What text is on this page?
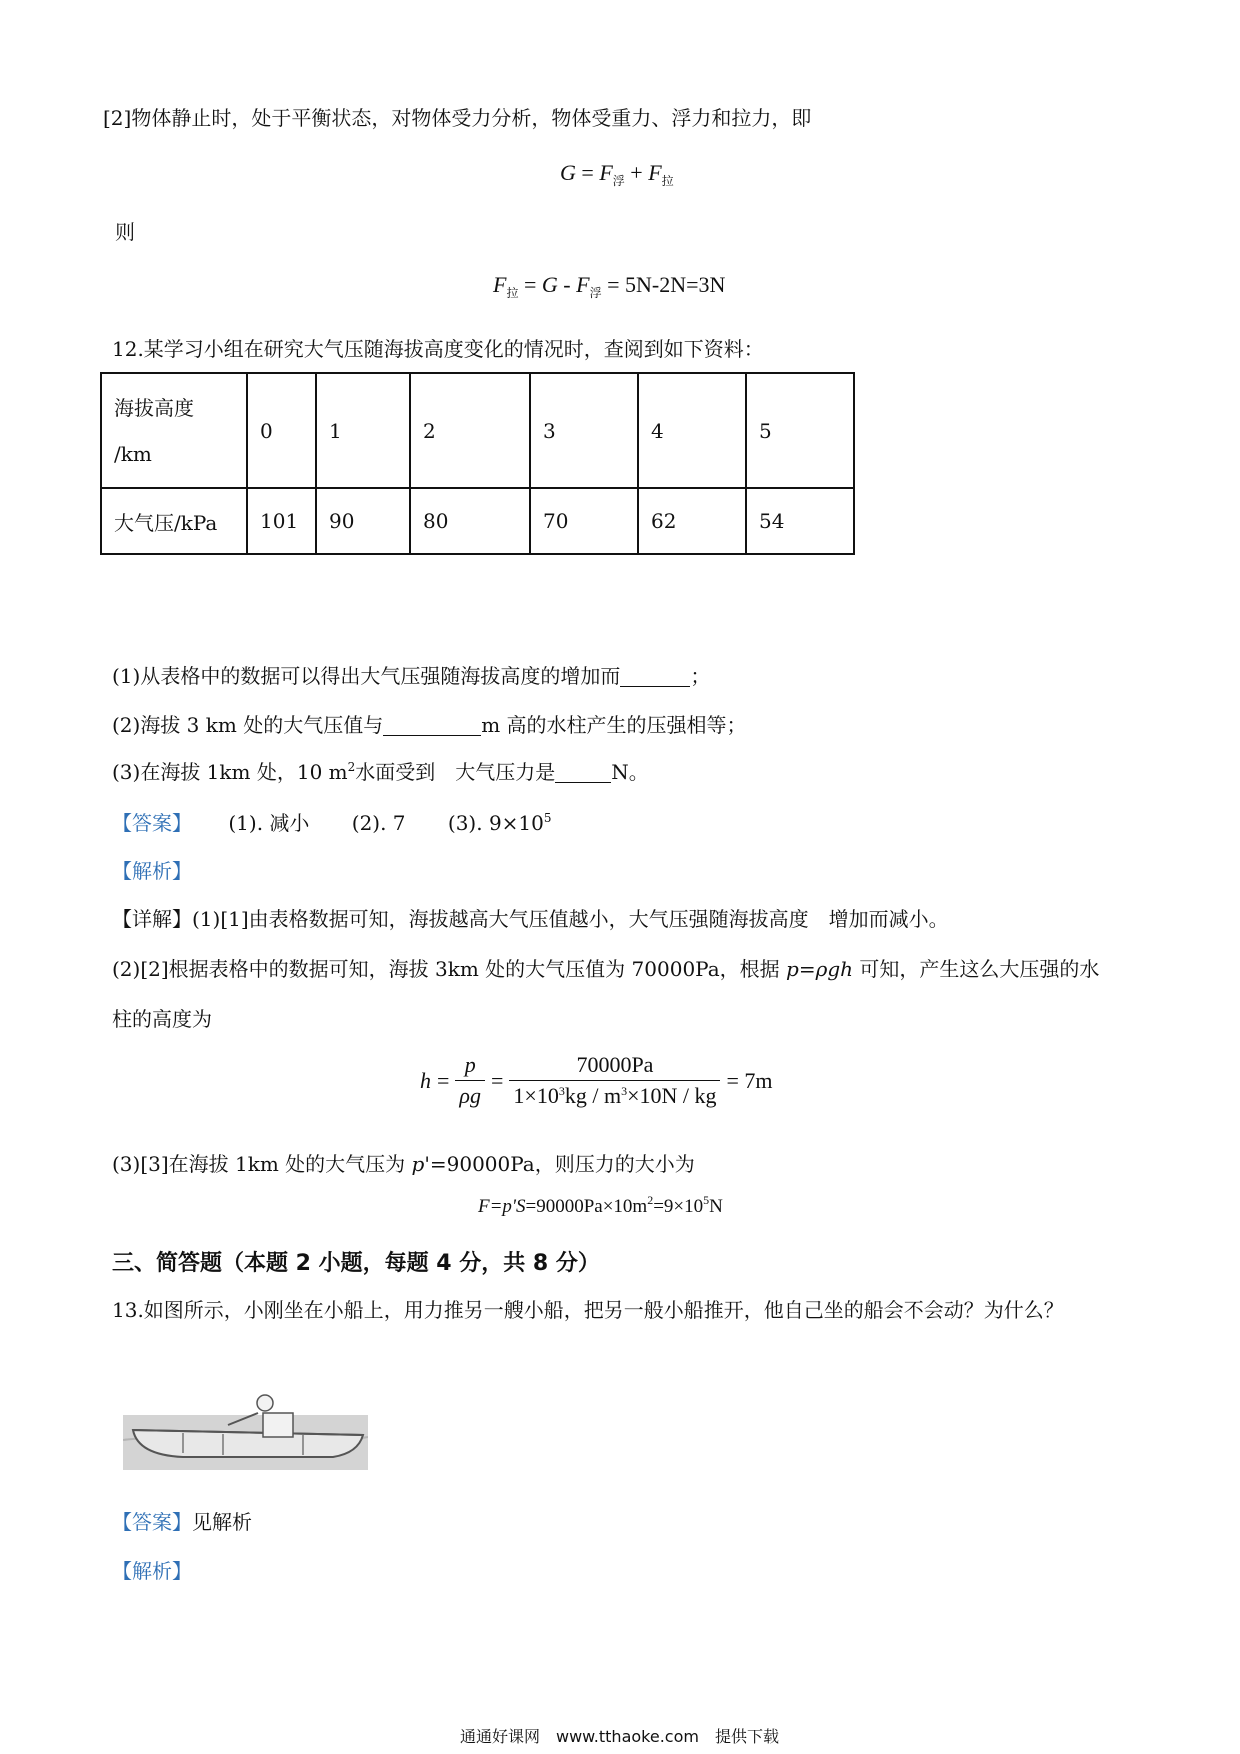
[2]物体静止时，处于平衡状态，对物体受力分析，物体受重力、浮力和拉力，即
$G = F_浮 + F_拉$
则
$F_拉 = G - F_浮 = 5N-2N=3N$
12.某学习小组在研究大气压随海拔高度变化的情况时，查阅到如下资料：
海拔高度
/km	0	1	2	3	4	5
大气压/kPa	101	90	80	70	62	54
(1)从表格中的数据可以得出大气压强随海拔高度的增加而	；
(2)海拔 3 km 处的大气压值与	m 高的水柱产生的压强相等；
(3)在海拔 1km 处，10 $m^2$水面受到　大气压力是	N。
【答案】 (1). 减小 (2). 7 (3). $9\times 10^5$
【解析】
【详解】(1)[1]由表格数据可知，海拔越高大气压值越小，大气压强随海拔高度　增加而减小。
(2)[2]根据表格中的数据可知，海拔 3km 处的大气压值为 70000Pa，根据 p=ρgh 可知，产生这么大压强的水
柱的高度为
$h = \frac{p}{\rho g} = \frac{70000Pa}{1\times 10^3kg / m^3\times 10N / kg} = 7m$
(3)[3]在海拔 1km 处的大气压为 p'=90000Pa，则压力的大小为
$F=p'S=90000Pa\times 10m^2=9\times 10^5N$
三、简答题（本题 2 小题，每题 4 分，共 8 分）
13.如图所示，小刚坐在小船上，用力推另一艘小船，把另一般小船推开，他自己坐的船会不会动？为什么？
【答案】见解析
【解析】
通通好课网　www.tthaoke.com　提供下载
